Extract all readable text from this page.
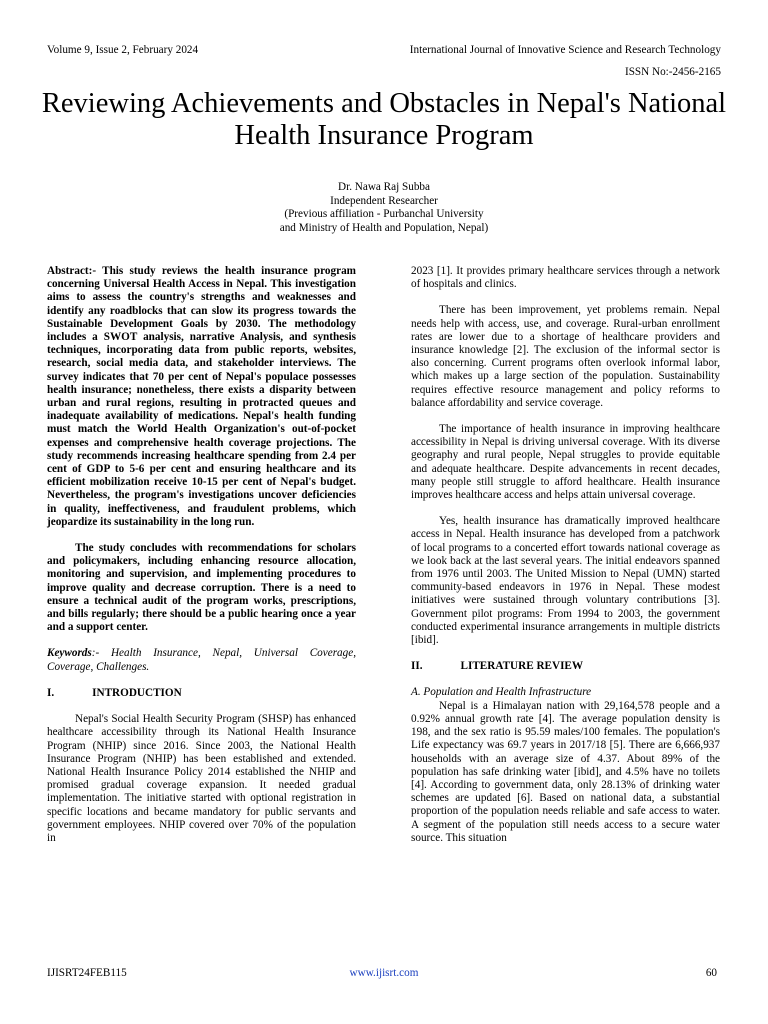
Volume 9, Issue 2, February 2024	International Journal of Innovative Science and Research Technology
ISSN No:-2456-2165
Reviewing Achievements and Obstacles in Nepal's National Health Insurance Program
Dr. Nawa Raj Subba
Independent Researcher
(Previous affiliation - Purbanchal University
and Ministry of Health and Population, Nepal)

Abstract:- This study reviews the health insurance program concerning Universal Health Access in Nepal. This investigation aims to assess the country's strengths and weaknesses and identify any roadblocks that can slow its progress towards the Sustainable Development Goals by 2030. The methodology includes a SWOT analysis, narrative Analysis, and synthesis techniques, incorporating data from public reports, websites, research, social media data, and stakeholder interviews. The survey indicates that 70 per cent of Nepal's populace possesses health insurance; nonetheless, there exists a disparity between urban and rural regions, resulting in protracted queues and inadequate availability of medications. Nepal's health funding must match the World Health Organization's out-of-pocket expenses and comprehensive health coverage projections. The study recommends increasing healthcare spending from 2.4 per cent of GDP to 5-6 per cent and ensuring healthcare and its efficient mobilization receive 10-15 per cent of Nepal's budget. Nevertheless, the program's investigations uncover deficiencies in quality, ineffectiveness, and fraudulent problems, which jeopardize its sustainability in the long run.

The study concludes with recommendations for scholars and policymakers, including enhancing resource allocation, monitoring and supervision, and implementing procedures to improve quality and decrease corruption. There is a need to ensure a technical audit of the program works, prescriptions, and bills regularly; there should be a public hearing once a year and a support center.

Keywords:- Health Insurance, Nepal, Universal Coverage, Coverage, Challenges.

I.	INTRODUCTION

Nepal's Social Health Security Program (SHSP) has enhanced healthcare accessibility through its National Health Insurance Program (NHIP) since 2016. Since 2003, the National Health Insurance Program (NHIP) has been established and extended. National Health Insurance Policy 2014 established the NHIP and promised gradual coverage expansion. It needed gradual implementation. The initiative started with optional registration in specific locations and became mandatory for public servants and government employees. NHIP covered over 70% of the population in

2023 [1]. It provides primary healthcare services through a network of hospitals and clinics.

There has been improvement, yet problems remain. Nepal needs help with access, use, and coverage. Rural-urban enrollment rates are lower due to a shortage of healthcare providers and insurance knowledge [2]. The exclusion of the informal sector is also concerning. Current programs often overlook informal labor, which makes up a large section of the population. Sustainability requires effective resource management and policy reforms to balance affordability and service coverage.

The importance of health insurance in improving healthcare accessibility in Nepal is driving universal coverage. With its diverse geography and rural people, Nepal struggles to provide equitable and adequate healthcare. Despite advancements in recent decades, many people still struggle to afford healthcare. Health insurance improves healthcare access and helps attain universal coverage.

Yes, health insurance has dramatically improved healthcare access in Nepal. Health insurance has developed from a patchwork of local programs to a concerted effort towards national coverage as we look back at the last several years. The initial endeavors spanned from 1976 until 2003. The United Mission to Nepal (UMN) started community-based endeavors in 1976 in Nepal. These modest initiatives were sustained through voluntary contributions [3]. Government pilot programs: From 1994 to 2003, the government conducted experimental insurance arrangements in multiple districts [ibid].

II.	LITERATURE REVIEW

A. Population and Health Infrastructure

Nepal is a Himalayan nation with 29,164,578 people and a 0.92% annual growth rate [4]. The average population density is 198, and the sex ratio is 95.59 males/100 females. The population's Life expectancy was 69.7 years in 2017/18 [5]. There are 6,666,937 households with an average size of 4.37. About 89% of the population has safe drinking water [ibid], and 4.5% have no toilets [4]. According to government data, only 28.13% of drinking water schemes are updated [6]. Based on national data, a substantial proportion of the population needs reliable and safe access to water. A segment of the population still needs access to a secure water source. This situation

IJISRT24FEB115	www.ijisrt.com	60
